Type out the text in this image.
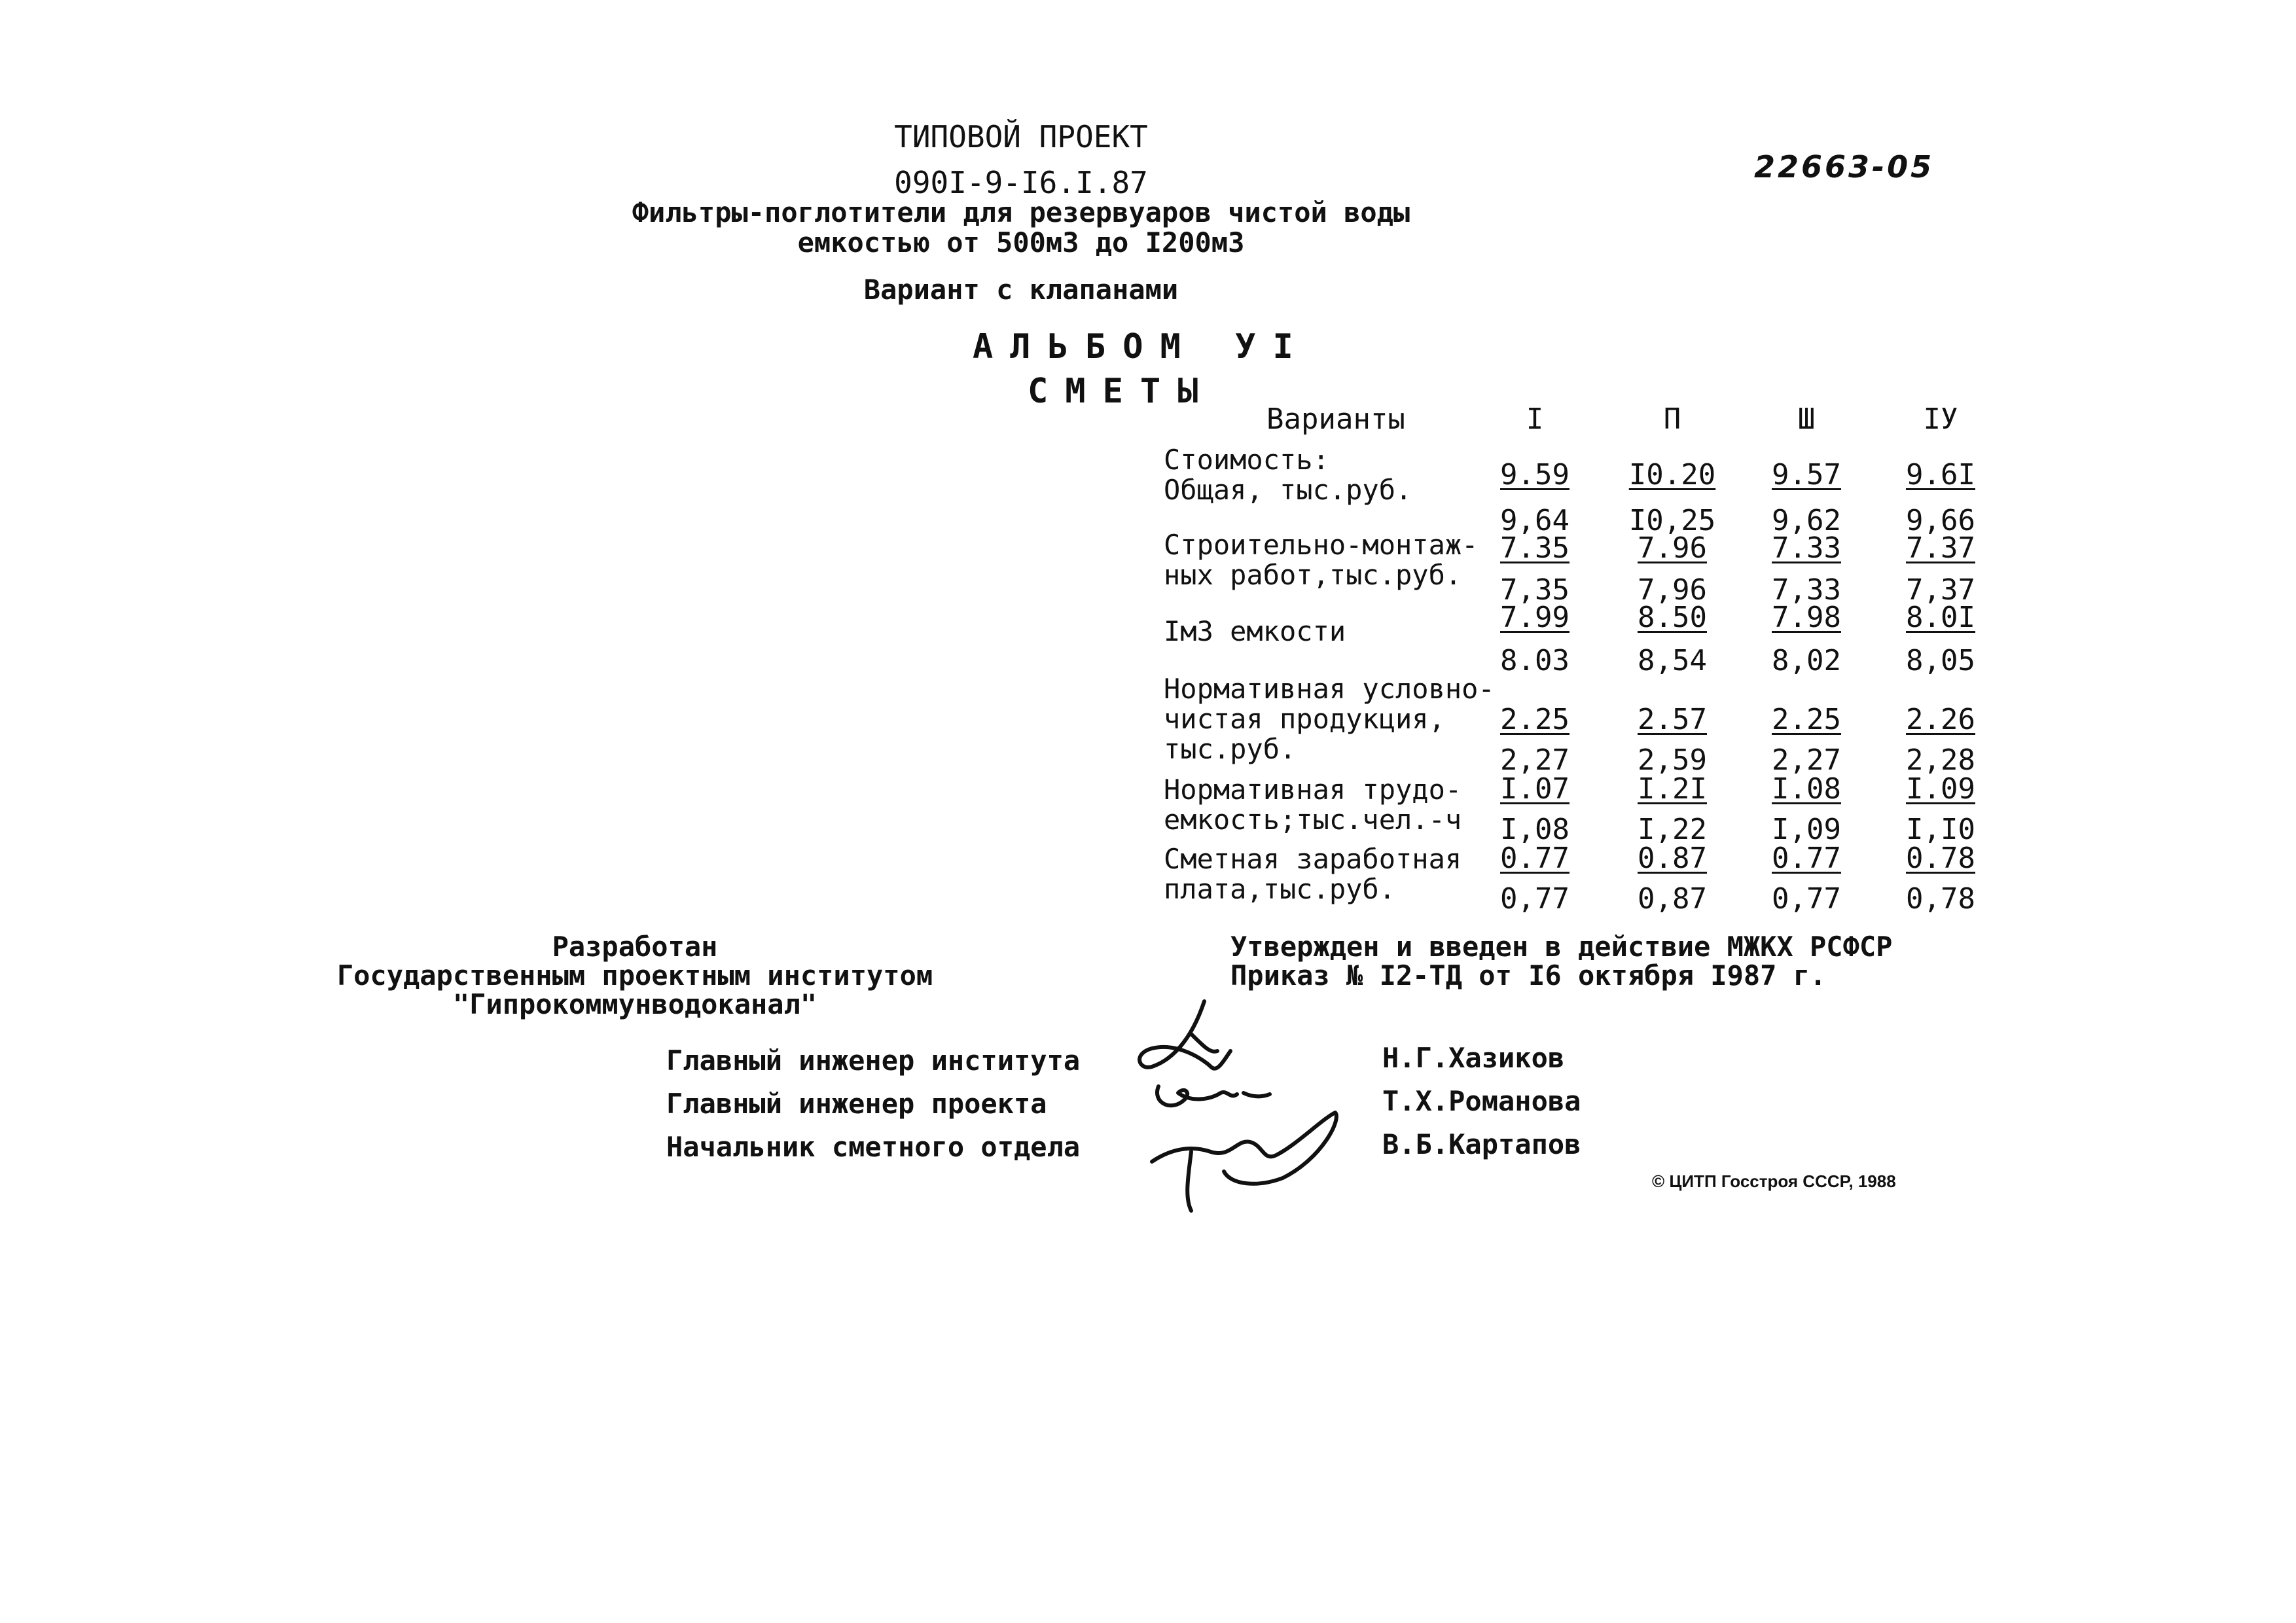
ТИПОВОЙ ПРОЕКТ
090I-9-I6.I.87
Фильтры-поглотители для резервуаров чистой воды
емкостью от 500м3 до I200м3
Вариант с клапанами
22663-05
АЛЬБОМ УI
СМЕТЫ
Варианты	I	П	Ш	IУ
Стоимость:
Общая, тыс.руб.	9.59	I0.20	9.57	9.6I
9,64	I0,25	9,62	9,66
Строительно-монтаж-
ных работ,тыс.руб.
7.35	7.96	7.33	7.37
7,35	7,96	7,33	7,37
Iм3 емкости	7.99	8.50	7.98	8.0I
8.03	8,54	8,02	8,05
Нормативная условно-
чистая продукция,
тыс.руб.
2.25	2.57	2.25	2.26
2,27	2,59	2,27	2,28
Нормативная трудо-
емкость;тыс.чел.-ч
I.07	I.2I	I.08	I.09
I,08	I,22	I,09	I,I0
Сметная заработная
плата,тыс.руб.
0.77	0.87	0.77	0.78
0,77	0,87	0,77	0,78
Разработан
Государственным проектным институтом
"Гипрокоммунводоканал"
Утвержден и введен в действие МЖКХ РСФСР
Приказ № I2-ТД от I6 октября I987 г.
Главный инженер института
Главный инженер проекта
Начальник сметного отдела
Н.Г.Хазиков
Т.Х.Романова
В.Б.Картапов
© ЦИТП Госстроя СССР, 1988
